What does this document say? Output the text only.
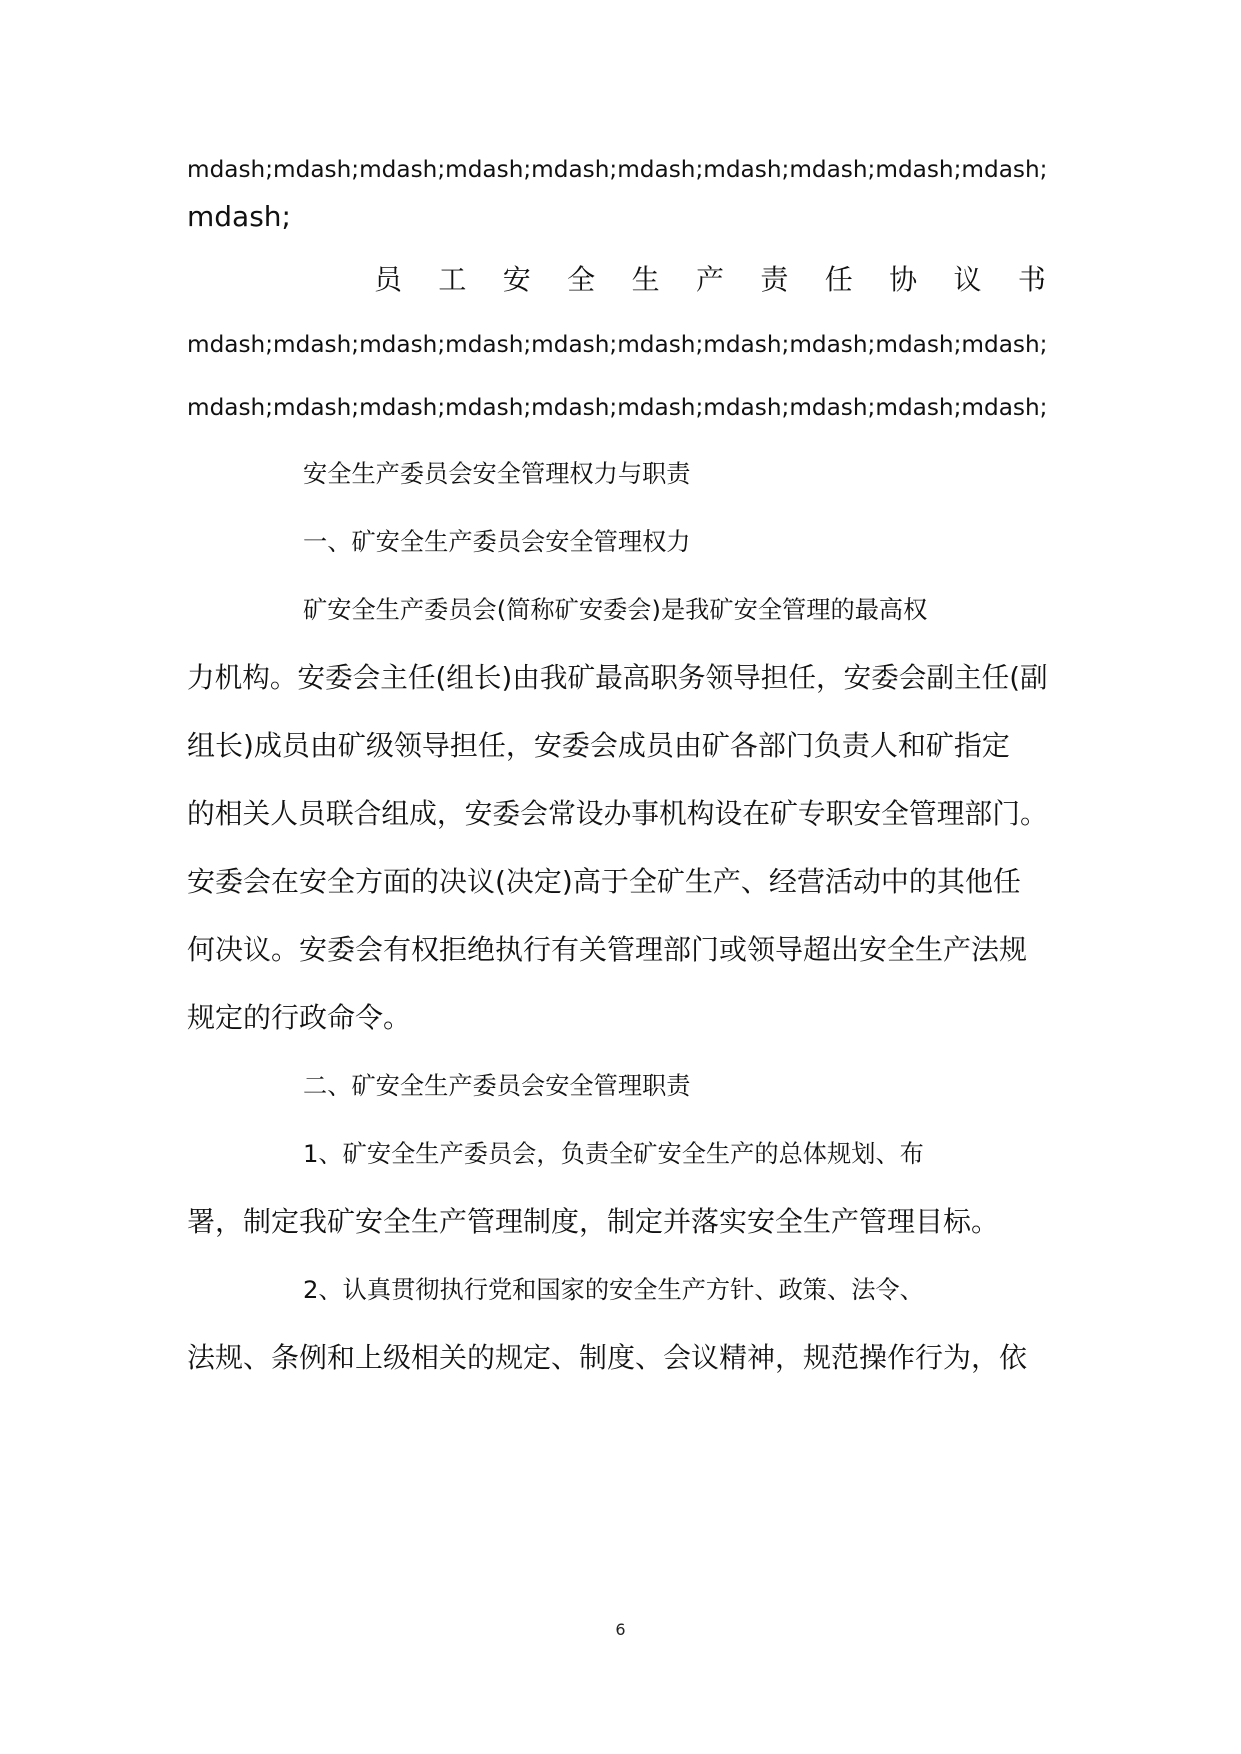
mdash;mdash;mdash;mdash;mdash;mdash;mdash;mdash;mdash;mdash;
mdash;
员 工 安 全 生 产 责 任 协 议 书
mdash;mdash;mdash;mdash;mdash;mdash;mdash;mdash;mdash;mdash;
mdash;mdash;mdash;mdash;mdash;mdash;mdash;mdash;mdash;mdash;
安全生产委员会安全管理权力与职责
一、矿安全生产委员会安全管理权力
矿安全生产委员会(简称矿安委会)是我矿安全管理的最高权
力机构。安委会主任(组长)由我矿最高职务领导担任，安委会副主任(副
组长)成员由矿级领导担任，安委会成员由矿各部门负责人和矿指定
的相关人员联合组成，安委会常设办事机构设在矿专职安全管理部门。
安委会在安全方面的决议(决定)高于全矿生产、经营活动中的其他任
何决议。安委会有权拒绝执行有关管理部门或领导超出安全生产法规
规定的行政命令。
二、矿安全生产委员会安全管理职责
1、矿安全生产委员会，负责全矿安全生产的总体规划、布
署，制定我矿安全生产管理制度，制定并落实安全生产管理目标。
2、认真贯彻执行党和国家的安全生产方针、政策、法令、
法规、条例和上级相关的规定、制度、会议精神，规范操作行为，依
6
